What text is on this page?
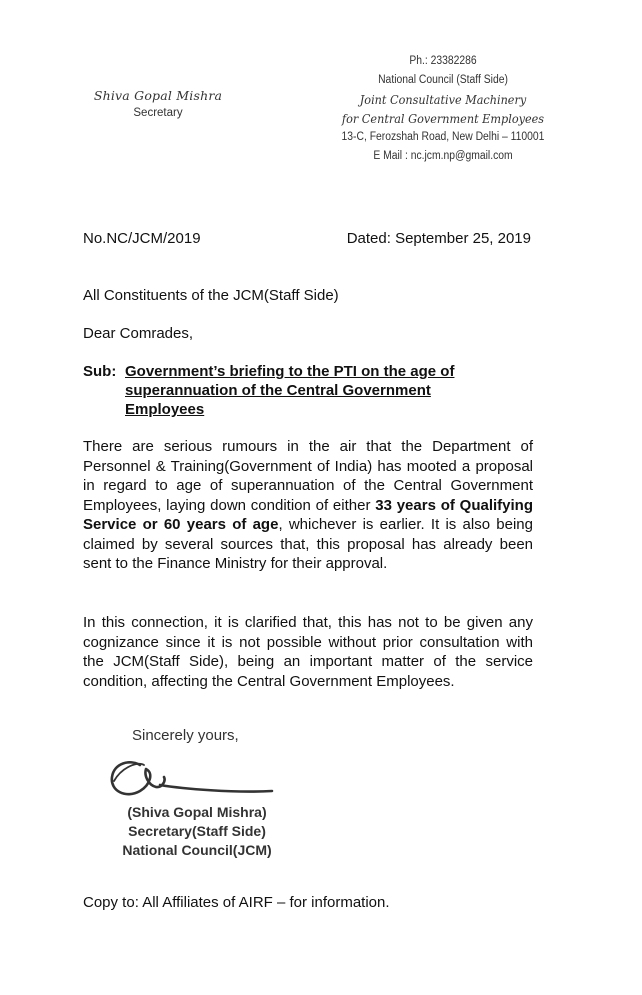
Shiva Gopal Mishra
Secretary
Ph.: 23382286
National Council (Staff Side)
Joint Consultative Machinery
for Central Government Employees
13-C, Ferozshah Road, New Delhi – 110001
E Mail : nc.jcm.np@gmail.com
No.NC/JCM/2019	Dated: September 25, 2019
All Constituents of the JCM(Staff Side)
Dear Comrades,
Sub: Government’s briefing to the PTI on the age of superannuation of the Central Government Employees
There are serious rumours in the air that the Department of Personnel & Training(Government of India) has mooted a proposal in regard to age of superannuation of the Central Government Employees, laying down condition of either 33 years of Qualifying Service or 60 years of age, whichever is earlier. It is also being claimed by several sources that, this proposal has already been sent to the Finance Ministry for their approval.
In this connection, it is clarified that, this has not to be given any cognizance since it is not possible without prior consultation with the JCM(Staff Side), being an important matter of the service condition, affecting the Central Government Employees.
Sincerely yours,
(Shiva Gopal Mishra)
Secretary(Staff Side)
National Council(JCM)
Copy to: All Affiliates of AIRF – for information.
